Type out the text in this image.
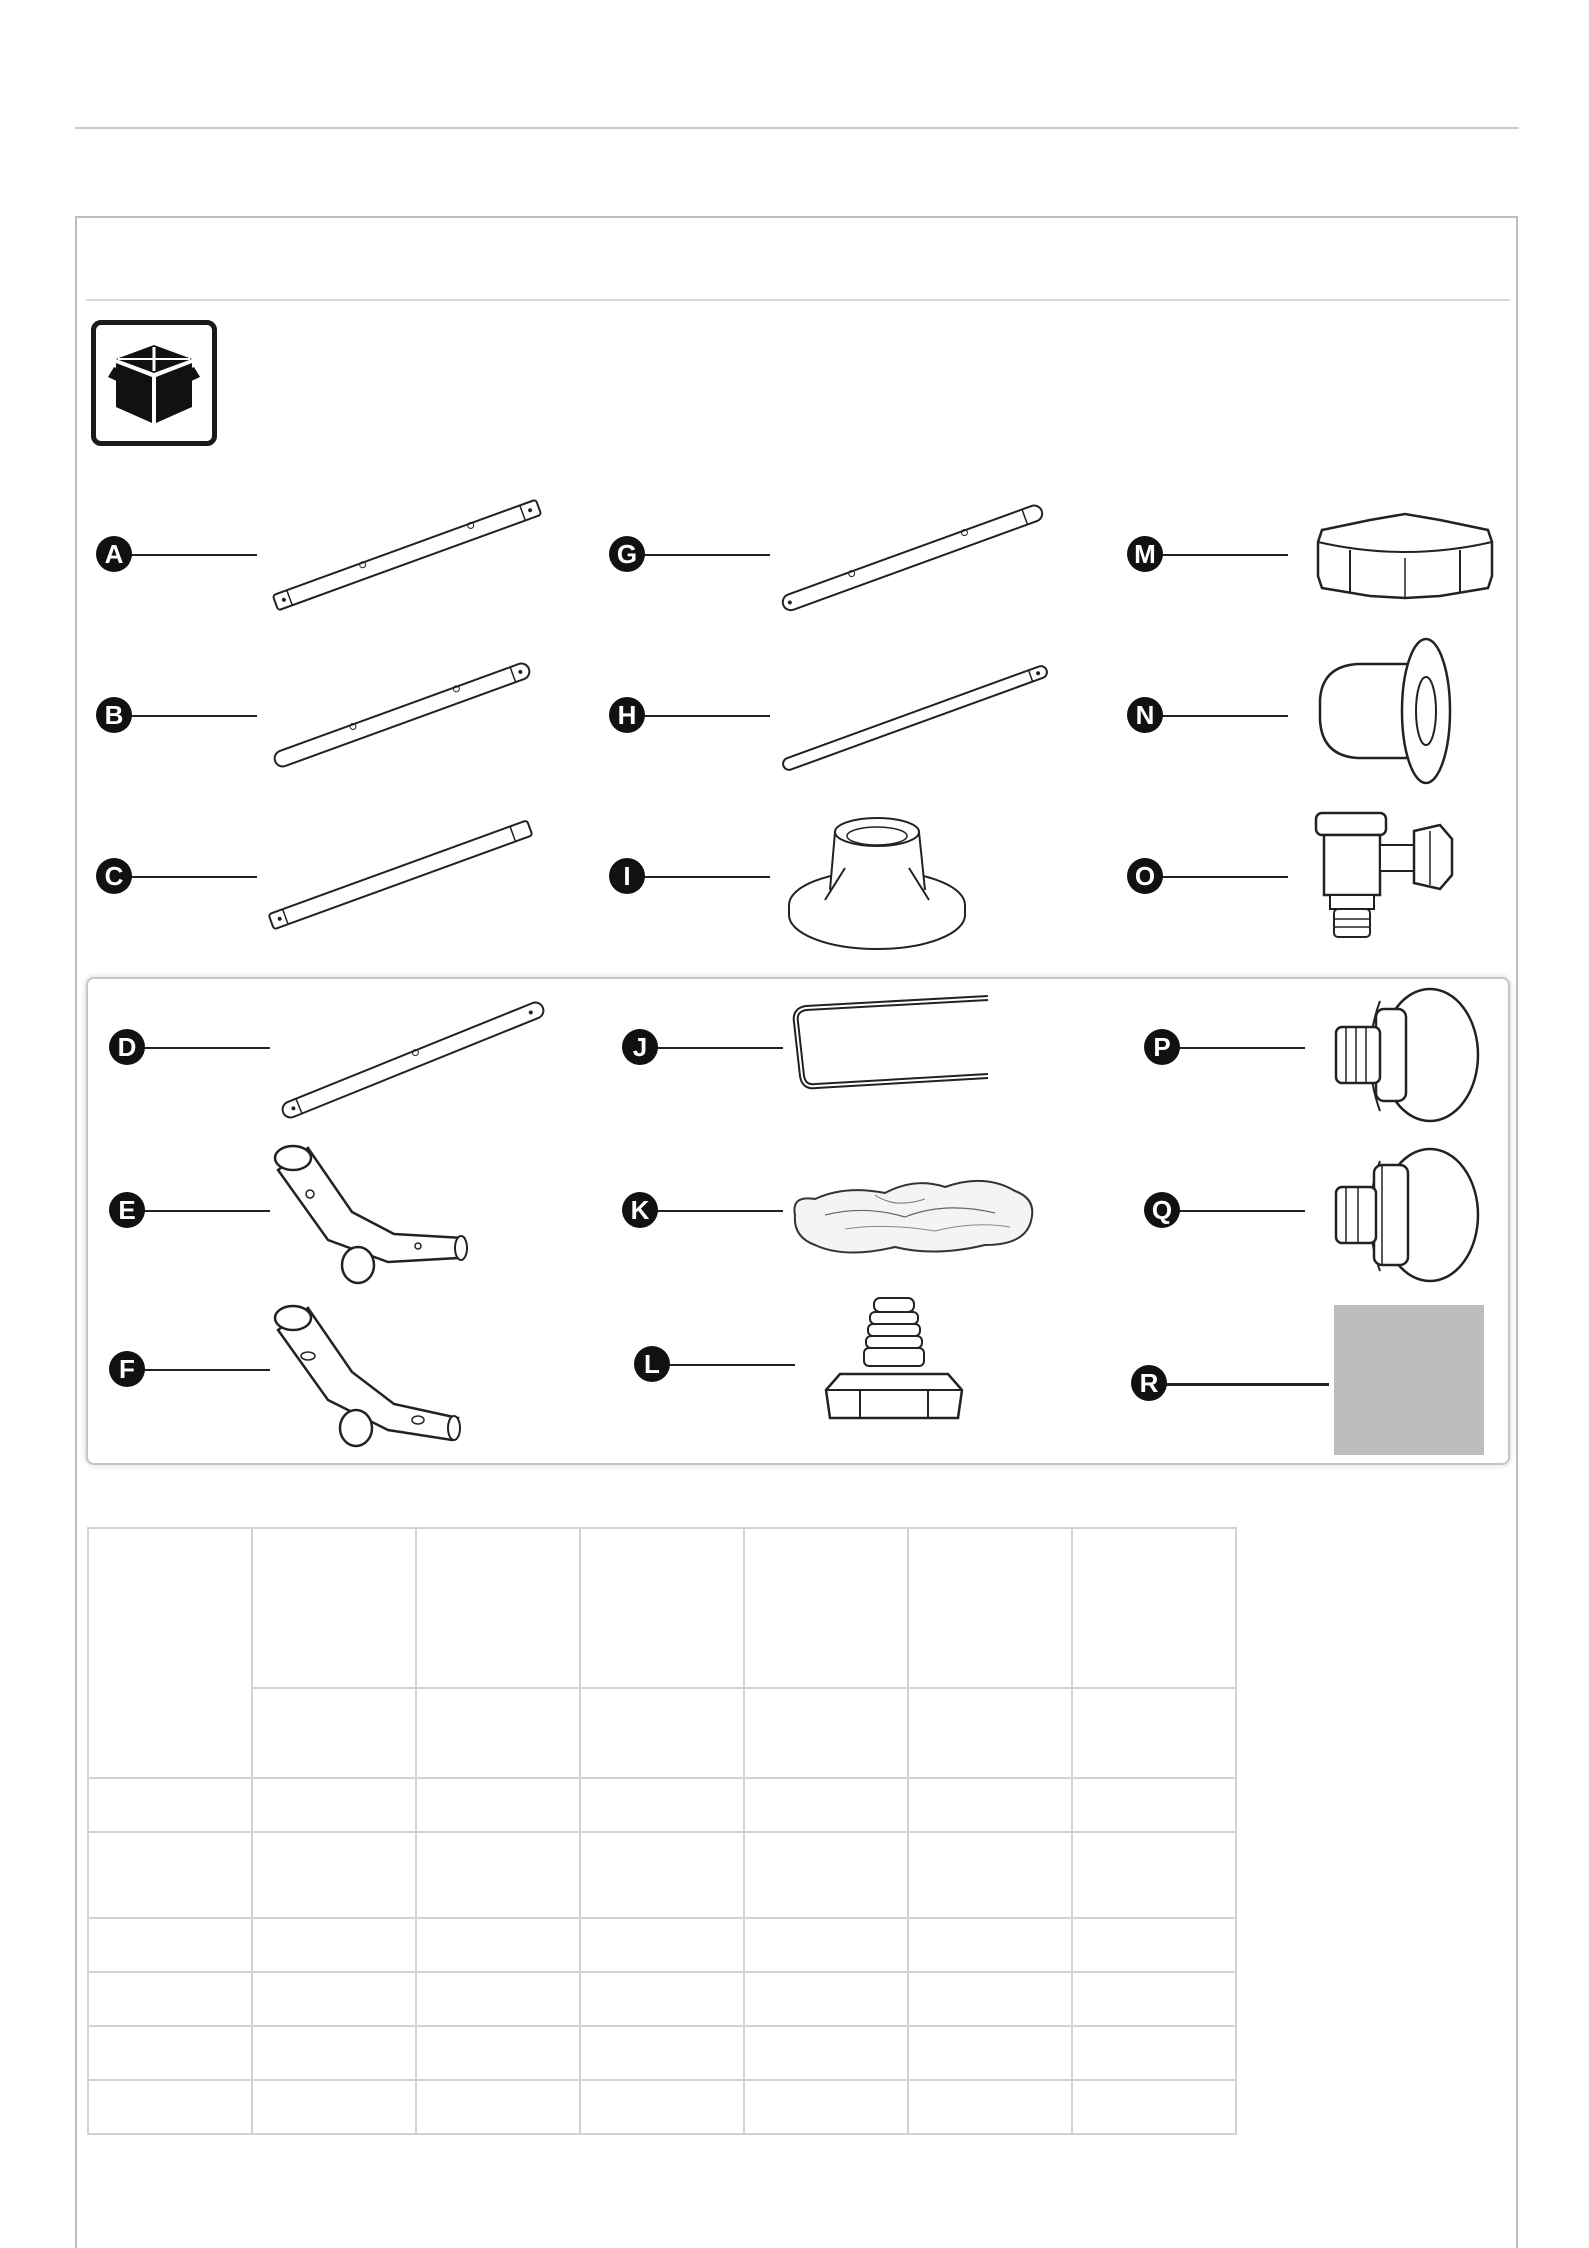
A
B
C
D
E
F
G
H
I
J
K
L
M
N
O
P
Q
R
